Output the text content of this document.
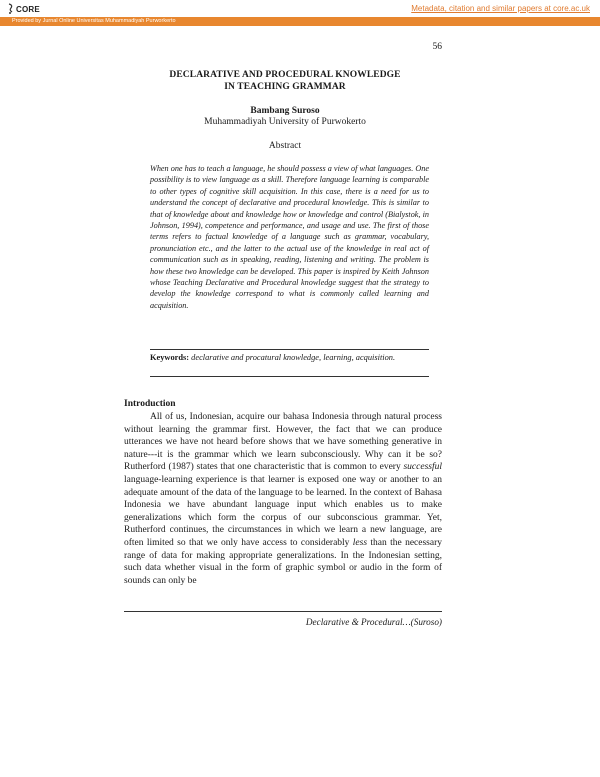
CORE	Metadata, citation and similar papers at core.ac.uk
Provided by Jurnal Online Universitas Muhammadiyah Purworkerto
56
DECLARATIVE AND PROCEDURAL KNOWLEDGE
IN TEACHING GRAMMAR
Bambang Suroso
Muhammadiyah University of Purwokerto
Abstract
When one has to teach a language, he should possess a view of what languages. One possibility is to view language as a skill. Therefore language learning is comparable to other types of cognitive skill acquisition. In this case, there is a need for us to understand the concept of declarative and procedural knowledge. This is similar to that of knowledge about and knowledge how or knowledge and control (Bialystok, in Johnson, 1994), competence and performance, and usage and use. The first of those terms refers to factual knowledge of a language such as grammar, vocabulary, pronunciation etc., and the latter to the actual use of the knowledge in real act of communication such as in speaking, reading, listening and writing. The problem is how these two knowledge can be developed. This paper is inspired by Keith Johnson whose Teaching Declarative and Procedural knowledge suggest that the strategy to develop the knowledge correspond to what is commonly called learning and acquisition.
Keywords: declarative and procatural knowledge, learning, acquisition.
Introduction
All of us, Indonesian, acquire our bahasa Indonesia through natural process without learning the grammar first. However, the fact that we can produce utterances we have not heard before shows that we have something generative in nature---it is the grammar which we learn subconsciously. Why can it be so? Rutherford (1987) states that one characteristic that is common to every successful language-learning experience is that learner is exposed one way or another to an adequate amount of the data of the language to be learned. In the context of Bahasa Indonesia we have abundant language input which enables us to make generalizations which form the corpus of our subconscious grammar. Yet, Rutherford continues, the circumstances in which we learn a new language, are often limited so that we only have access to considerably less than the necessary range of data for making appropriate generalizations. In the Indonesian setting, such data whether visual in the form of graphic symbol or audio in the form of sounds can only be
Declarative & Procedural…(Suroso)
